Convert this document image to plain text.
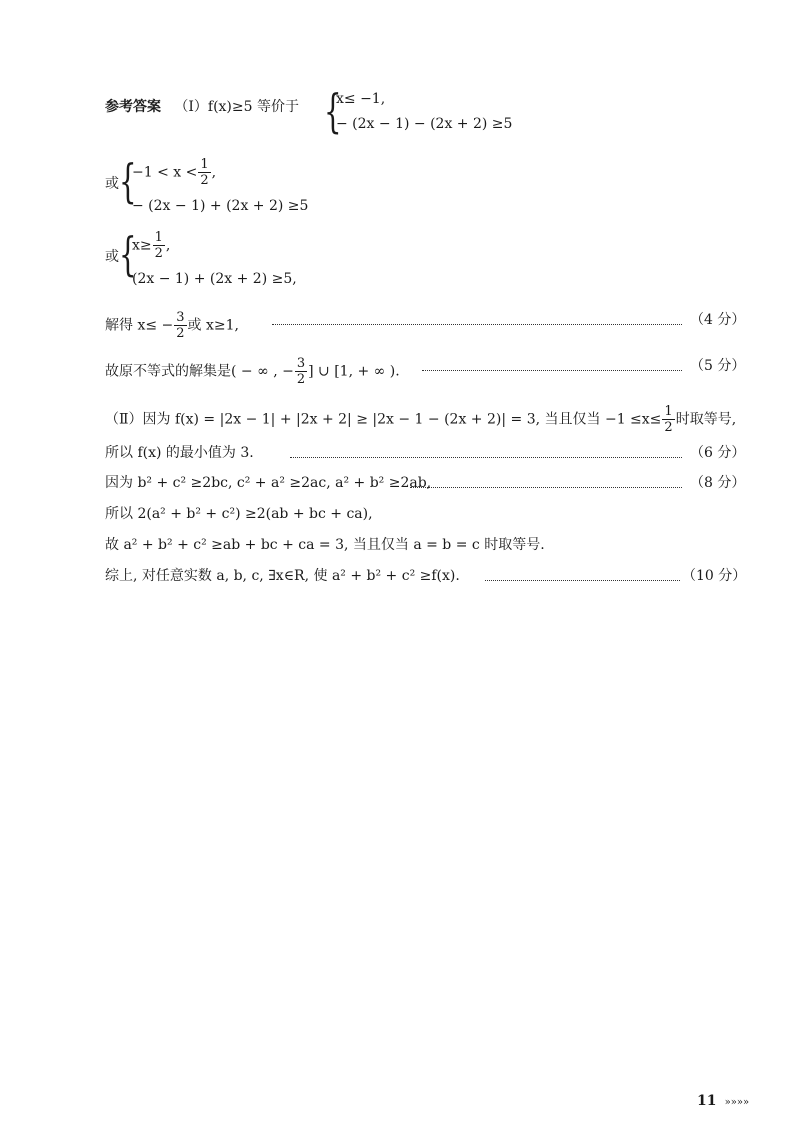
参考答案 （Ⅰ）f(x)≥5 等价于 {
x≤ −1,
− (2x − 1) − (2x + 2) ≥5
或 {
$-1 < x < \frac{1}{2}$ ,
− (2x − 1) + (2x + 2) ≥5
或 {
$x\ge \frac{1}{2}$ ,
(2x − 1) + (2x + 2) ≥5,
解得 $x\le - \frac{3}{2}$ 或 x≥1,	（4 分）
故原不等式的解集是( − ∞ , − $\frac{3}{2}$ ] ∪ [1, + ∞ ).	（5 分）
（Ⅱ）因为 f(x) = |2x − 1| + |2x + 2| ≥ |2x − 1 − (2x + 2)| = 3, 当且仅当 $-1 \le x\le \frac{1}{2}$ 时取等号,
所以 f(x) 的最小值为 3.	（6 分）
因为 b² + c² ≥2bc, c² + a² ≥2ac, a² + b² ≥2ab,	（8 分）
所以 2(a² + b² + c²) ≥2(ab + bc + ca),
故 a² + b² + c² ≥ab + bc + ca = 3, 当且仅当 a = b = c 时取等号.
综上, 对任意实数 a, b, c, ∃x∈R, 使 a² + b² + c² ≥f(x).	（10 分）
11 »»»»
